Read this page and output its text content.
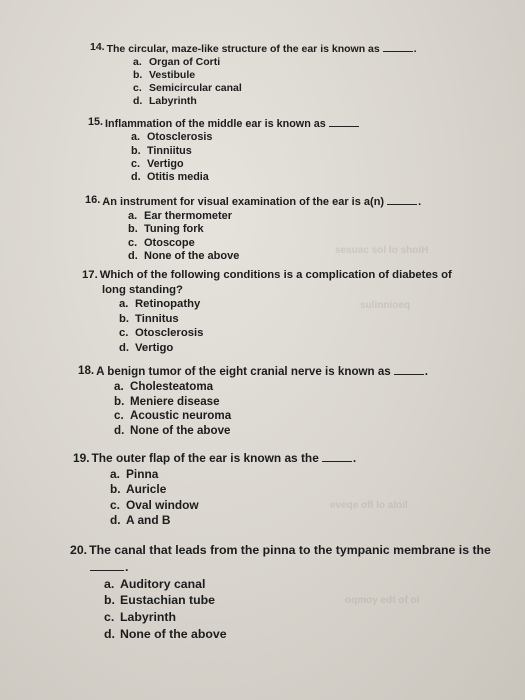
sesuac sol lo shoiH
sulinnioeq
eveqe ofl lo aloil
oqmoy edt of ol
14. The circular, maze-like structure of the ear is known as	.
a. Organ of Corti
b. Vestibule
c. Semicircular canal
d. Labyrinth
15. Inflammation of the middle ear is known as
a. Otosclerosis
b. Tinniitus
c. Vertigo
d. Otitis media
16. An instrument for visual examination of the ear is a(n)	.
a. Ear thermometer
b. Tuning fork
c. Otoscope
d. None of the above
17. Which of the following conditions is a complication of diabetes of
long standing?
a. Retinopathy
b. Tinnitus
c. Otosclerosis
d. Vertigo
18. A benign tumor of the eight cranial nerve is known as	.
a. Cholesteatoma
b. Meniere disease
c. Acoustic neuroma
d. None of the above
19. The outer flap of the ear is known as the	.
a. Pinna
b. Auricle
c. Oval window
d. A and B
20. The canal that leads from the pinna to the tympanic membrane is the
.
a. Auditory canal
b. Eustachian tube
c. Labyrinth
d. None of the above
